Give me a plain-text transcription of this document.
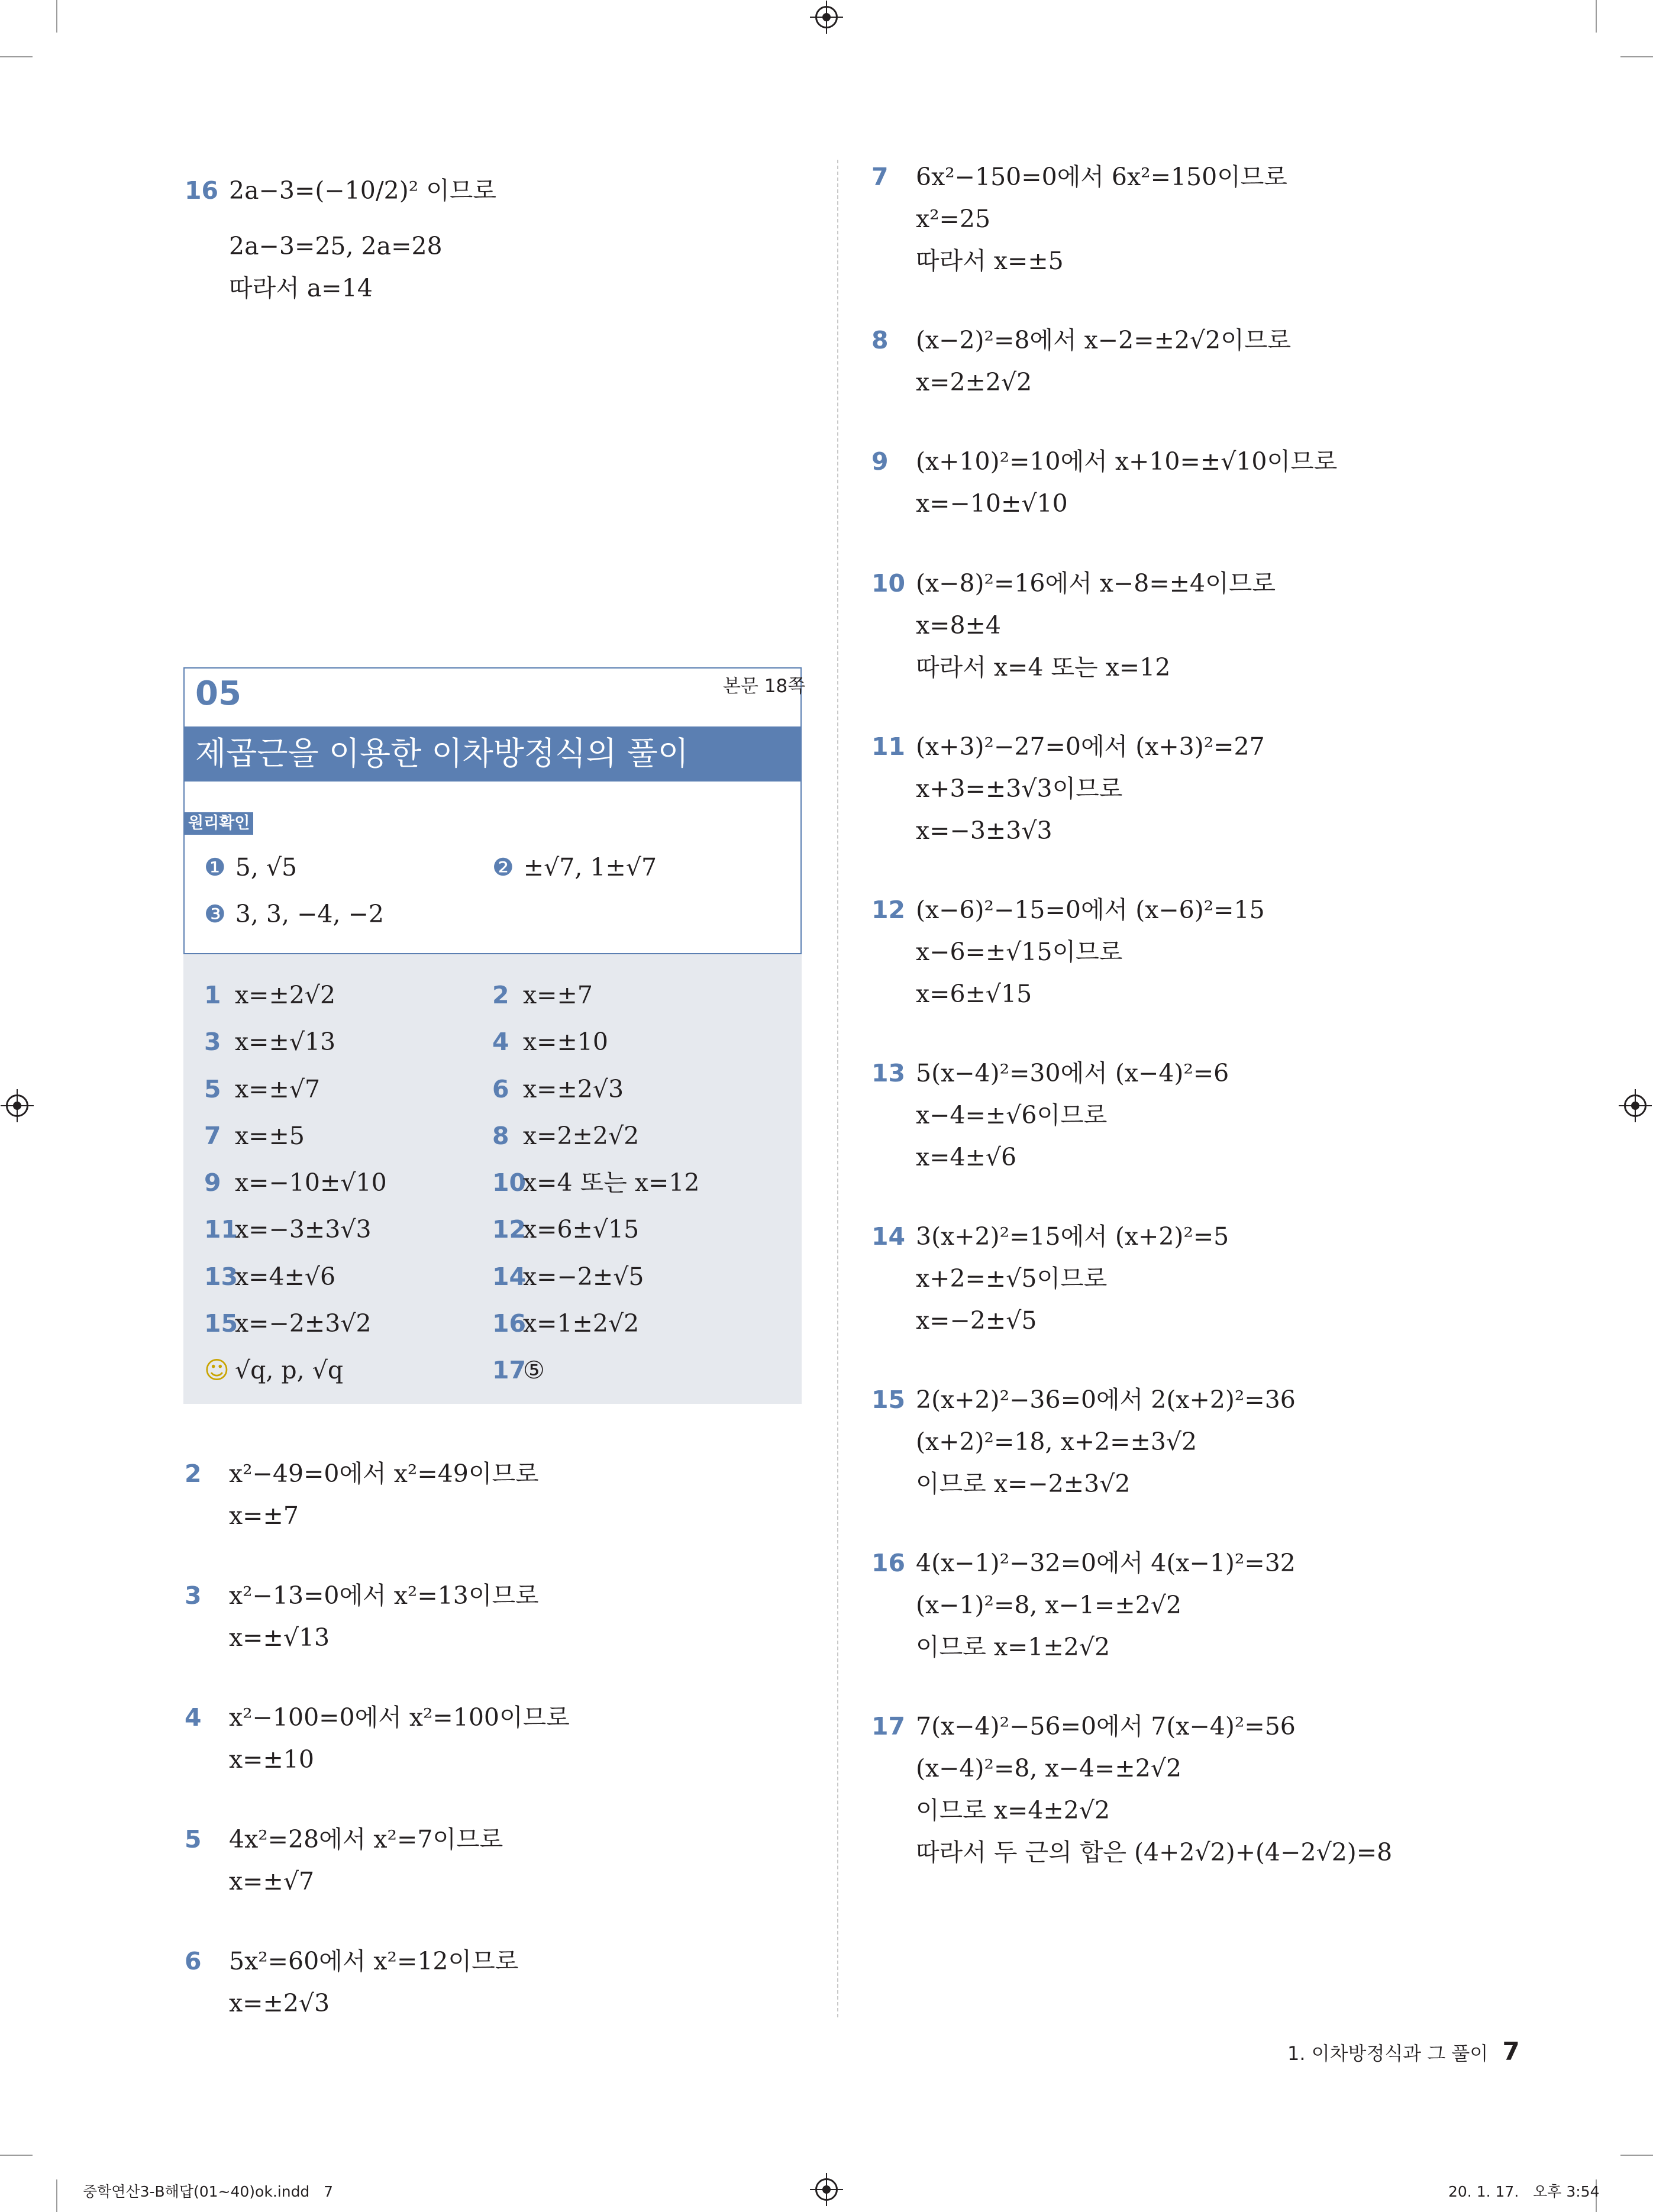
16 2a−3=(−10/2)² 이므로
2a−3=25, 2a=28
따라서 a=14
05	본문 18쪽
제곱근을 이용한 이차방정식의 풀이
원리확인
❶ 5, √5	❷ ±√7, 1±√7
❸ 3, 3, −4, −2
1 x=±2√2	2 x=±7
3 x=±√13	4 x=±10
5 x=±√7	6 x=±2√3
7 x=±5	8 x=2±2√2
9 x=−10±√10	10x=4 또는 x=12
11x=−3±3√3	12x=6±√15
13x=4±√6	14x=−2±√5
15x=−2±3√2	16x=1±2√2
☺ √q, p, √q	17⑤
2 x²−49=0에서 x²=49이므로
x=±7
3 x²−13=0에서 x²=13이므로
x=±√13
4 x²−100=0에서 x²=100이므로
x=±10
5 4x²=28에서 x²=7이므로
x=±√7
6 5x²=60에서 x²=12이므로
x=±2√3
7 6x²−150=0에서 6x²=150이므로
x²=25
따라서 x=±5
8 (x−2)²=8에서 x−2=±2√2이므로
x=2±2√2
9 (x+10)²=10에서 x+10=±√10이므로
x=−10±√10
10 (x−8)²=16에서 x−8=±4이므로
x=8±4
따라서 x=4 또는 x=12
11 (x+3)²−27=0에서 (x+3)²=27
x+3=±3√3이므로
x=−3±3√3
12 (x−6)²−15=0에서 (x−6)²=15
x−6=±√15이므로
x=6±√15
13 5(x−4)²=30에서 (x−4)²=6
x−4=±√6이므로
x=4±√6
14 3(x+2)²=15에서 (x+2)²=5
x+2=±√5이므로
x=−2±√5
15 2(x+2)²−36=0에서 2(x+2)²=36
(x+2)²=18, x+2=±3√2
이므로 x=−2±3√2
16 4(x−1)²−32=0에서 4(x−1)²=32
(x−1)²=8, x−1=±2√2
이므로 x=1±2√2
17 7(x−4)²−56=0에서 7(x−4)²=56
(x−4)²=8, x−4=±2√2
이므로 x=4±2√2
따라서 두 근의 합은 (4+2√2)+(4−2√2)=8
1. 이차방정식과 그 풀이 7
중학연산3-B해답(01~40)ok.indd   7	20. 1. 17.   오후 3:54
